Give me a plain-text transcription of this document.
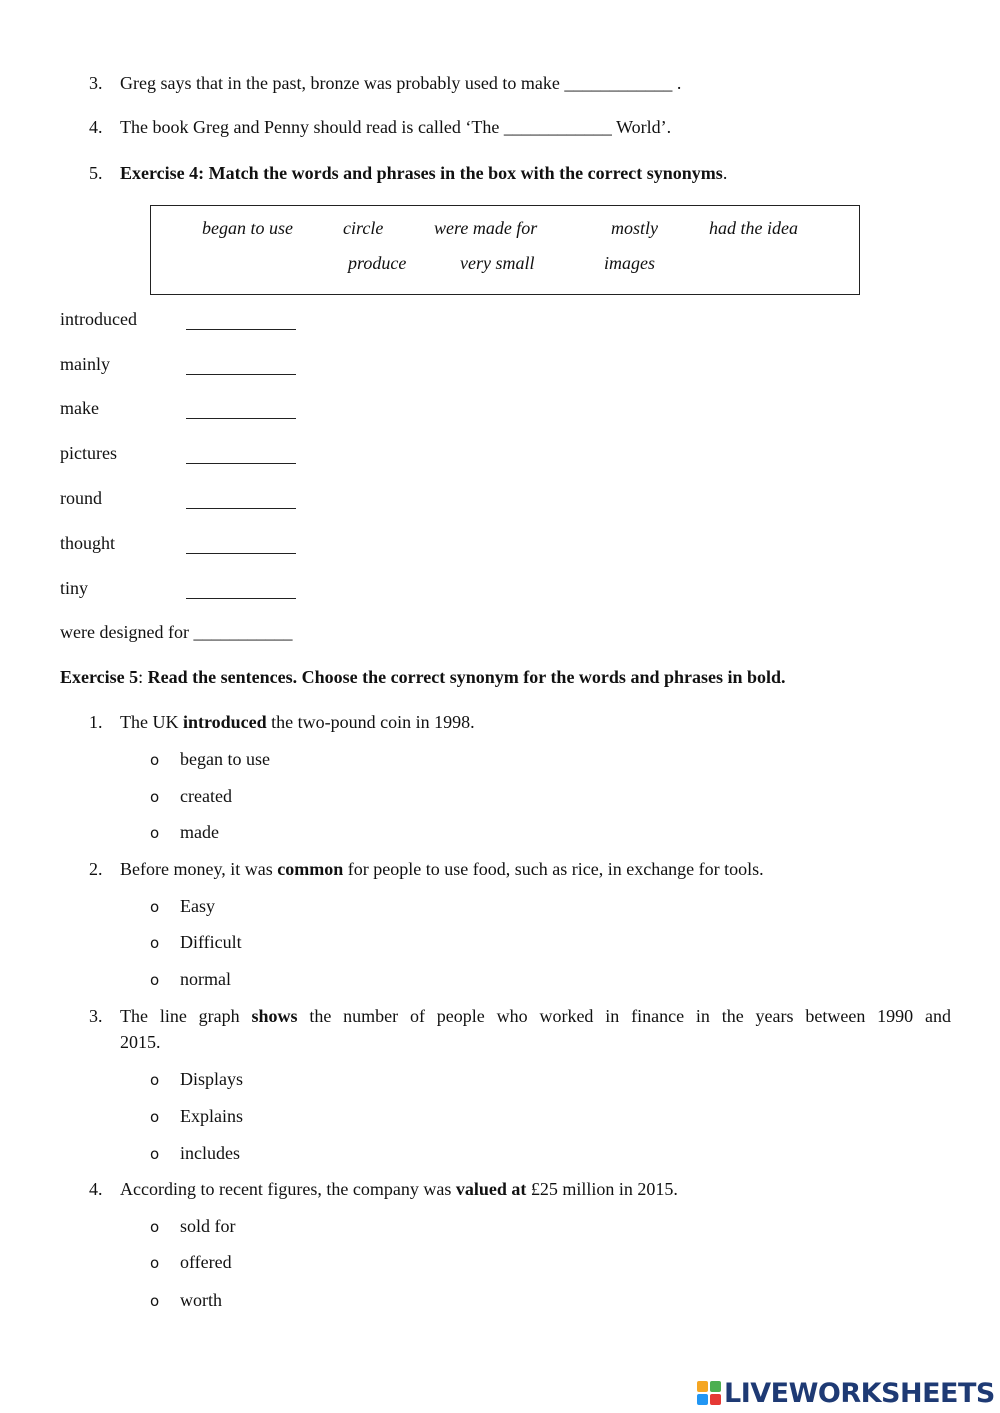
3. Greg says that in the past, bronze was probably used to make ____________ .
4. The book Greg and Penny should read is called ‘The ____________ World’.
5. Exercise 4: Match the words and phrases in the box with the correct synonyms.
began to use	circle	were made for	mostly	had the idea
produce	very small	images
introduced
mainly
make
pictures
round
thought
tiny
were designed for ___________
Exercise 5: Read the sentences. Choose the correct synonym for the words and phrases in bold.
1. The UK introduced the two-pound coin in 1998.
o began to use
o created
o made
2. Before money, it was common for people to use food, such as rice, in exchange for tools.
o Easy
o Difficult
o normal
3. The line graph shows the number of people who worked in finance in the years between 1990 and
2015.
o Displays
o Explains
o includes
4. According to recent figures, the company was valued at £25 million in 2015.
o sold for
o offered
o worth
LIVEWORKSHEETS
